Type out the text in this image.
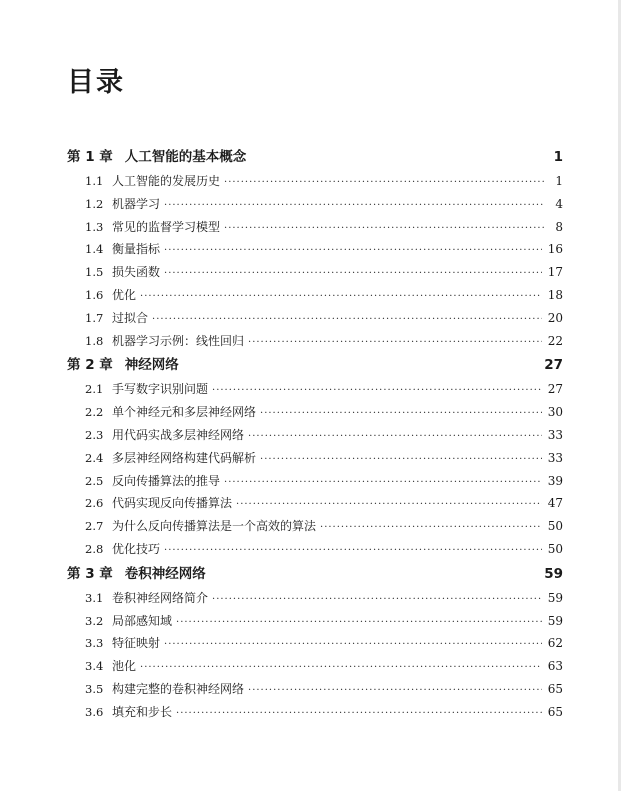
目录
第 1 章 人工智能的基本概念	1
1.1 人工智能的发展历史 ·····	1
1.2 机器学习 ·····	4
1.3 常见的监督学习模型 ·····	8
1.4 衡量指标 ·····	16
1.5 损失函数 ·····	17
1.6 优化 ·····	18
1.7 过拟合 ·····	20
1.8 机器学习示例：线性回归 ·····	22
第 2 章 神经网络	27
2.1 手写数字识别问题 ·····	27
2.2 单个神经元和多层神经网络 ·····	30
2.3 用代码实战多层神经网络 ·····	33
2.4 多层神经网络构建代码解析 ·····	33
2.5 反向传播算法的推导 ·····	39
2.6 代码实现反向传播算法 ·····	47
2.7 为什么反向传播算法是一个高效的算法 ·····	50
2.8 优化技巧 ·····	50
第 3 章 卷积神经网络	59
3.1 卷积神经网络简介 ·····	59
3.2 局部感知域 ·····	59
3.3 特征映射 ·····	62
3.4 池化 ·····	63
3.5 构建完整的卷积神经网络 ·····	65
3.6 填充和步长 ·····	65
